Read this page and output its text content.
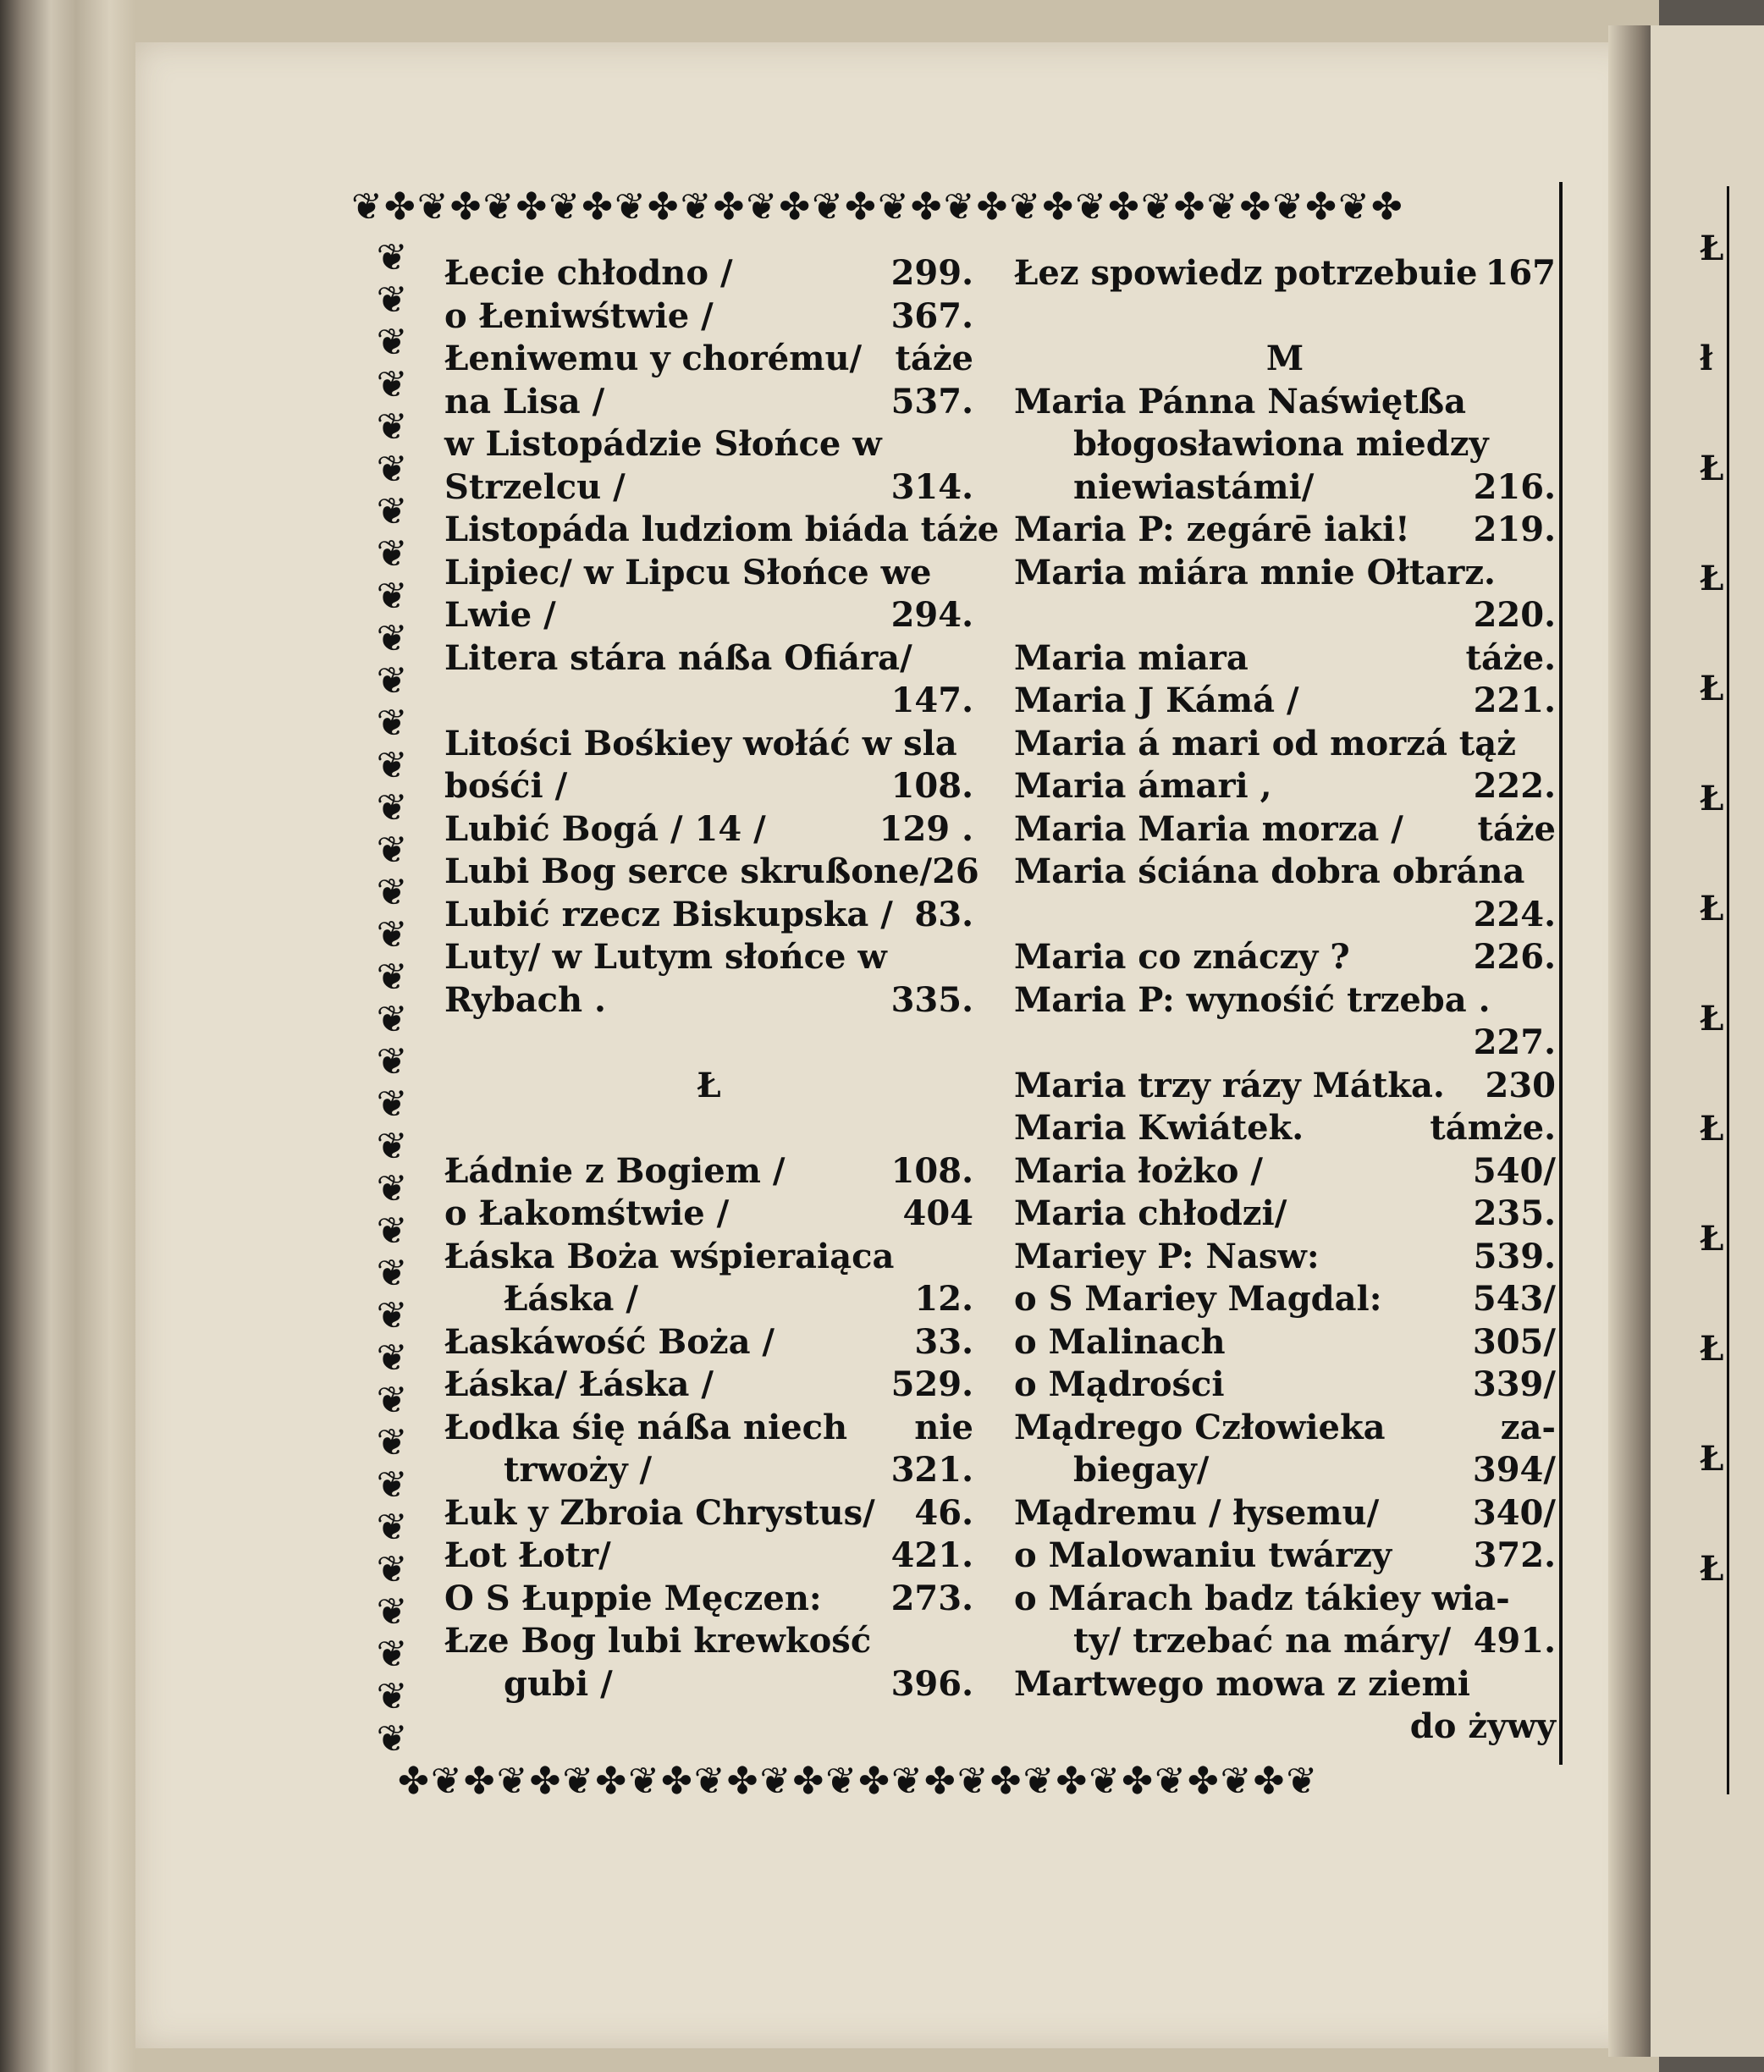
Ł
ł
Ł
Ł
Ł
Ł
Ł
Ł
Ł
Ł
Ł
Ł
Ł
❦✤❦✤❦✤❦✤❦✤❦✤❦✤❦✤❦✤❦✤❦✤❦✤❦✤❦✤❦✤❦✤
❦
❦
❦
❦
❦
❦
❦
❦
❦
❦
❦
❦
❦
❦
❦
❦
❦
❦
❦
❦
❦
❦
❦
❦
❦
❦
❦
❦
❦
❦
❦
❦
❦
❦
❦
❦
✤❦✤❦✤❦✤❦✤❦✤❦✤❦✤❦✤❦✤❦✤❦✤❦✤❦✤❦
Łecie chłodno /	299.
o Łeniwśtwie /	367.
Łeniwemu y chorému/ táże
na Lisa /	537.
w Listopádzie Słońce w
Strzelcu /	314.
Listopáda ludziom biáda táże
Lipiec/ w Lipcu Słońce we
Lwie /	294.
Litera stára náßa Ofiára/
147.
Litości Bośkiey wołáć w sla
bośći /	108.
Lubić Bogá / 14 /	129 .
Lubi Bog serce skrußone/ 26
Lubić rzecz Biskupska / 83.
Luty/ w Lutym słońce w
Rybach .	335.
Ł
Łádnie z Bogiem /	108.
o Łakomśtwie /	404
Łáska Boża wśpieraiąca
Łáska /	12.
Łaskáwość Boża /	33.
Łáska/ Łáska /	529.
Łodka śię náßa niech nie
trwoży /	321.
Łuk y Zbroia Chrystus/ 46.
Łot Łotr/	421.
O S Łuppie Męczen: 273.
Łze Bog lubi krewkość
gubi /	396.
Łez spowiedz potrzebuie 167
M
Maria Pánna Naświętßa
błogosławiona miedzy
niewiastámi/	216.
Maria P: zegárē iaki! 219.
Maria miára mnie Ołtarz.
220.
Maria miara	táże.
Maria J Kámá /	221.
Maria á mari od morzá tąż
Maria ámari ,	222.
Maria Maria morza / táże
Maria ściána dobra obrána
224.
Maria co znáczy ?	226.
Maria P: wynośić trzeba .
227.
Maria trzy rázy Mátka. 230
Maria Kwiátek.	támże.
Maria łożko /	540/
Maria chłodzi/	235.
Mariey P: Nasw:	539.
o S Mariey Magdal:	543/
o Malinach	305/
o Mądrości	339/
Mądrego Człowieka	za-
biegay/	394/
Mądremu / łysemu/	340/
o Malowaniu twárzy 372.
o Márach badz tákiey wia-
ty/ trzebać na máry/ 491.
Martwego mowa z ziemi
do żywy
